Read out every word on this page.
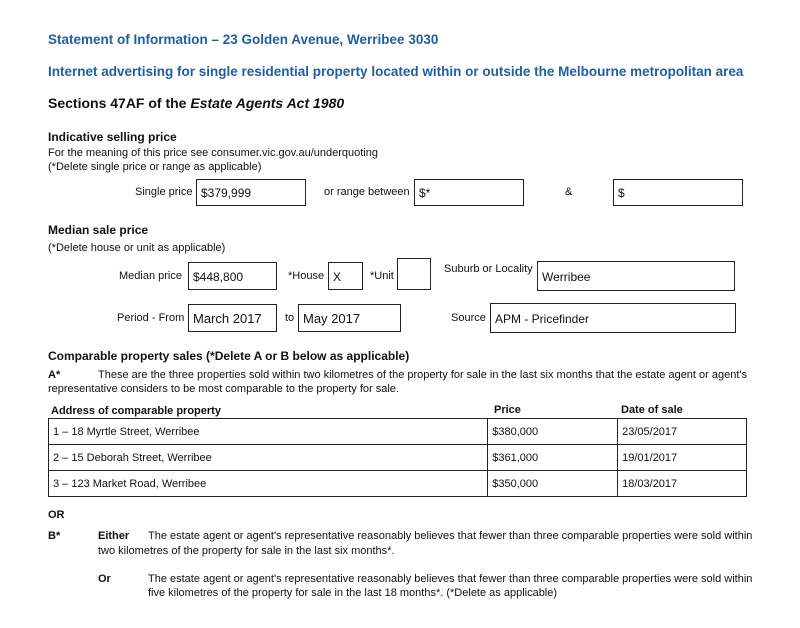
Statement of Information – 23 Golden Avenue, Werribee 3030
Internet advertising for single residential property located within or outside the Melbourne metropolitan area
Sections 47AF of the Estate Agents Act 1980
Indicative selling price
For the meaning of this price see consumer.vic.gov.au/underquoting
(*Delete single price or range as applicable)
Single price $379,999	or range between $*	&	$
Median sale price
(*Delete house or unit as applicable)
Median price $448,800	*House X	*Unit
Suburb or Locality
Werribee
Period - From March 2017	to May 2017	Source APM - Pricefinder
Comparable property sales (*Delete A or B below as applicable)
A*	These are the three properties sold within two kilometres of the property for sale in the last six months that the estate agent or agent's
representative considers to be most comparable to the property for sale.
Address of comparable property	Price	Date of sale
1 – 18 Myrtle Street, Werribee	$380,000	23/05/2017
2 – 15 Deborah Street, Werribee	$361,000	19/01/2017
3 – 123 Market Road, Werribee	$350,000	18/03/2017
OR
B*	Either The estate agent or agent's representative reasonably believes that fewer than three comparable properties were sold within
two kilometres of the property for sale in the last six months*.
Or	The estate agent or agent's representative reasonably believes that fewer than three comparable properties were sold within
five kilometres of the property for sale in the last 18 months*. (*Delete as applicable)
